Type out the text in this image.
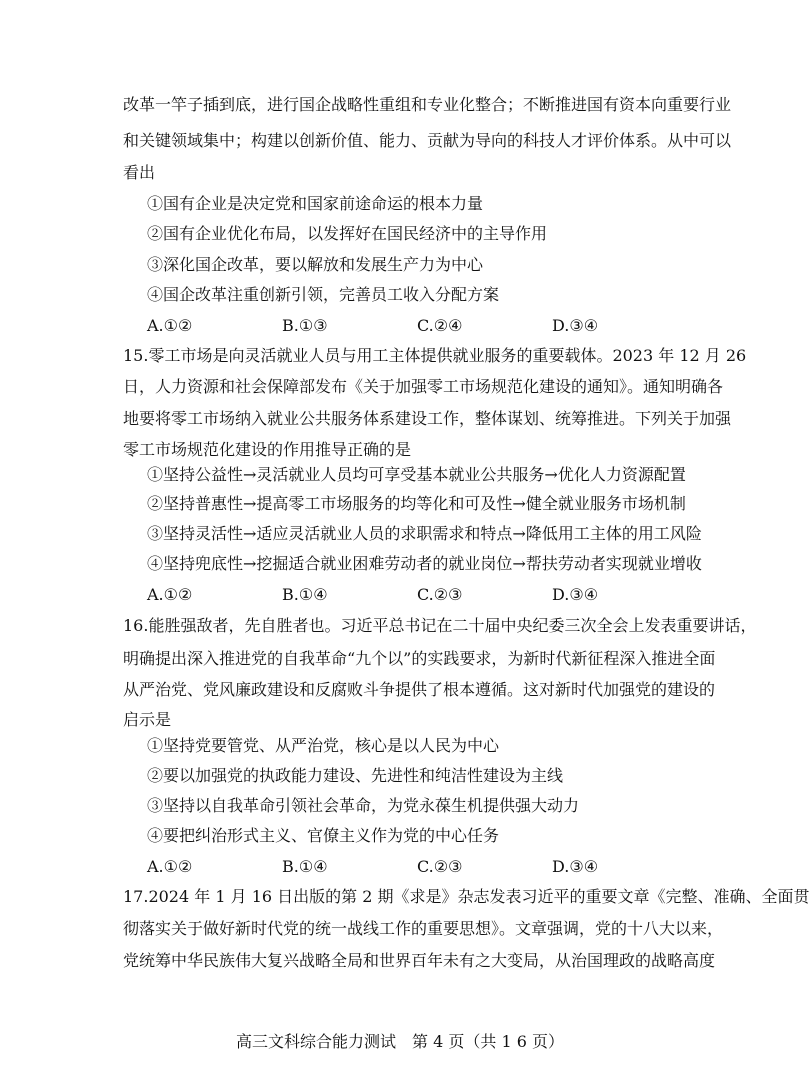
改革一竿子插到底，进行国企战略性重组和专业化整合；不断推进国有资本向重要行业
和关键领域集中；构建以创新价值、能力、贡献为导向的科技人才评价体系。从中可以
看出
①国有企业是决定党和国家前途命运的根本力量
②国有企业优化布局，以发挥好在国民经济中的主导作用
③深化国企改革，要以解放和发展生产力为中心
④国企改革注重创新引领，完善员工收入分配方案
A.①②	B.①③	C.②④	D.③④
15.零工市场是向灵活就业人员与用工主体提供就业服务的重要载体。2023 年 12 月 26
日，人力资源和社会保障部发布《关于加强零工市场规范化建设的通知》。通知明确各
地要将零工市场纳入就业公共服务体系建设工作，整体谋划、统筹推进。下列关于加强
零工市场规范化建设的作用推导正确的是
①坚持公益性→灵活就业人员均可享受基本就业公共服务→优化人力资源配置
②坚持普惠性→提高零工市场服务的均等化和可及性→健全就业服务市场机制
③坚持灵活性→适应灵活就业人员的求职需求和特点→降低用工主体的用工风险
④坚持兜底性→挖掘适合就业困难劳动者的就业岗位→帮扶劳动者实现就业增收
A.①②	B.①④	C.②③	D.③④
16.能胜强敌者，先自胜者也。习近平总书记在二十届中央纪委三次全会上发表重要讲话，
明确提出深入推进党的自我革命“九个以”的实践要求，为新时代新征程深入推进全面
从严治党、党风廉政建设和反腐败斗争提供了根本遵循。这对新时代加强党的建设的
启示是
①坚持党要管党、从严治党，核心是以人民为中心
②要以加强党的执政能力建设、先进性和纯洁性建设为主线
③坚持以自我革命引领社会革命，为党永葆生机提供强大动力
④要把纠治形式主义、官僚主义作为党的中心任务
A.①②	B.①④	C.②③	D.③④
17.2024 年 1 月 16 日出版的第 2 期《求是》杂志发表习近平的重要文章《完整、准确、全面贯
彻落实关于做好新时代党的统一战线工作的重要思想》。文章强调，党的十八大以来，
党统筹中华民族伟大复兴战略全局和世界百年未有之大变局，从治国理政的战略高度
高三文科综合能力测试　第 4 页（共 1 6 页）
